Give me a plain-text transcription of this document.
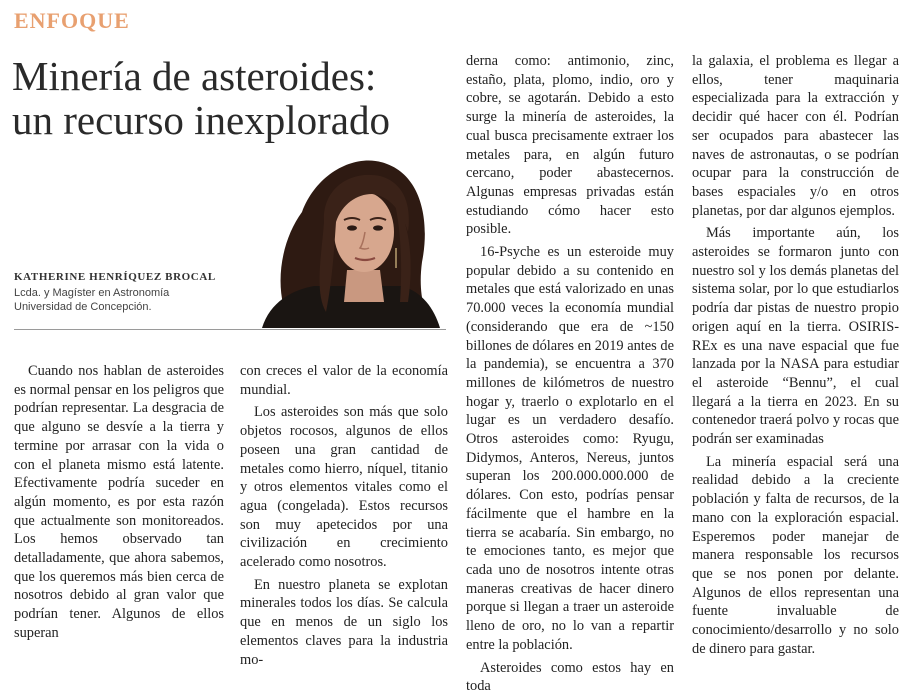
ENFOQUE
Minería de asteroides:
un recurso inexplorado
KATHERINE HENRÍQUEZ BROCAL
Lcda. y Magíster en Astronomía
Universidad de Concepción.

Cuando nos hablan de asteroides es normal pensar en los peligros que podrían representar. La desgracia de que alguno se desvíe a la tierra y termine por arrasar con la vida o con el planeta mismo está latente. Efectivamente podría suceder en algún momento, es por esta razón que actualmente son monitoreados. Los hemos observado tan detalladamente, que ahora sabemos, que los queremos más bien cerca de nosotros debido al gran valor que podrían tener. Algunos de ellos superan

con creces el valor de la economía mundial.

Los asteroides son más que solo objetos rocosos, algunos de ellos poseen una gran cantidad de metales como hierro, níquel, titanio y otros elementos vitales como el agua (congelada). Estos recursos son muy apetecidos por una civilización en crecimiento acelerado como nosotros.

En nuestro planeta se explotan minerales todos los días. Se calcula que en menos de un siglo los elementos claves para la industria mo-

derna como: antimonio, zinc, estaño, plata, plomo, indio, oro y cobre, se agotarán. Debido a esto surge la minería de asteroides, la cual busca precisamente extraer los metales para, en algún futuro cercano, poder abastecernos. Algunas empresas privadas están estudiando cómo hacer esto posible.

16-Psyche es un esteroide muy popular debido a su contenido en metales que está valorizado en unas 70.000 veces la economía mundial (considerando que era de ~150 billones de dólares en 2019 antes de la pandemia), se encuentra a 370 millones de kilómetros de nuestro hogar y, traerlo o explotarlo en el lugar es un verdadero desafío. Otros asteroides como: Ryugu, Didymos, Anteros, Nereus, juntos superan los 200.000.000.000 de dólares. Con esto, podrías pensar fácilmente que el hambre en la tierra se acabaría. Sin embargo, no te emociones tanto, es mejor que cada uno de nosotros intente otras maneras creativas de hacer dinero porque si llegan a traer un asteroide lleno de oro, no lo van a repartir entre la población.

Asteroides como estos hay en toda

la galaxia, el problema es llegar a ellos, tener maquinaria especializada para la extracción y decidir qué hacer con él. Podrían ser ocupados para abastecer las naves de astronautas, o se podrían ocupar para la construcción de bases espaciales y/o en otros planetas, por dar algunos ejemplos.

Más importante aún, los asteroides se formaron junto con nuestro sol y los demás planetas del sistema solar, por lo que estudiarlos podría dar pistas de nuestro propio origen aquí en la tierra. OSIRIS-REx es una nave espacial que fue lanzada por la NASA para estudiar el asteroide “Bennu”, el cual llegará a la tierra en 2023. En su contenedor traerá polvo y rocas que podrán ser examinadas

La minería espacial será una realidad debido a la creciente población y falta de recursos, de la mano con la exploración espacial. Esperemos poder manejar de manera responsable los recursos que se nos ponen por delante. Algunos de ellos representan una fuente invaluable de conocimiento/desarrollo y no solo de dinero para gastar.
